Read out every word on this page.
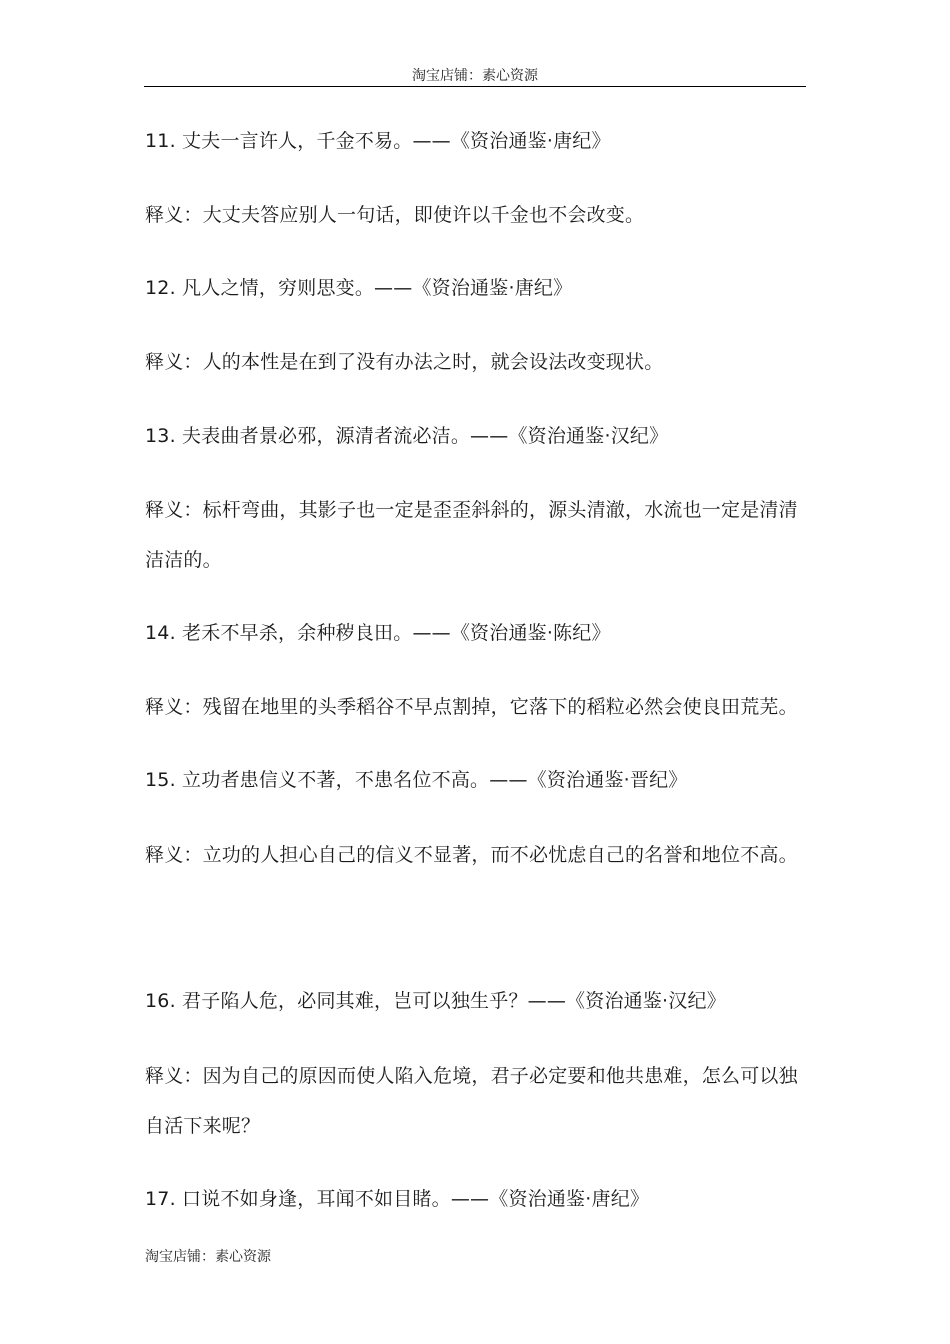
淘宝店铺：素心资源
11. 丈夫一言许人，千金不易。——《资治通鉴·唐纪》
释义：大丈夫答应别人一句话，即使许以千金也不会改变。
12. 凡人之情，穷则思变。——《资治通鉴·唐纪》
释义：人的本性是在到了没有办法之时，就会设法改变现状。
13. 夫表曲者景必邪，源清者流必洁。——《资治通鉴·汉纪》
释义：标杆弯曲，其影子也一定是歪歪斜斜的，源头清澈，水流也一定是清清
洁洁的。
14. 老禾不早杀，余种秽良田。——《资治通鉴·陈纪》
释义：残留在地里的头季稻谷不早点割掉，它落下的稻粒必然会使良田荒芜。
15. 立功者患信义不著，不患名位不高。——《资治通鉴·晋纪》
释义：立功的人担心自己的信义不显著，而不必忧虑自己的名誉和地位不高。
16. 君子陷人危，必同其难，岂可以独生乎？——《资治通鉴·汉纪》
释义：因为自己的原因而使人陷入危境，君子必定要和他共患难，怎么可以独
自活下来呢？
17. 口说不如身逢，耳闻不如目睹。——《资治通鉴·唐纪》
淘宝店铺：素心资源
